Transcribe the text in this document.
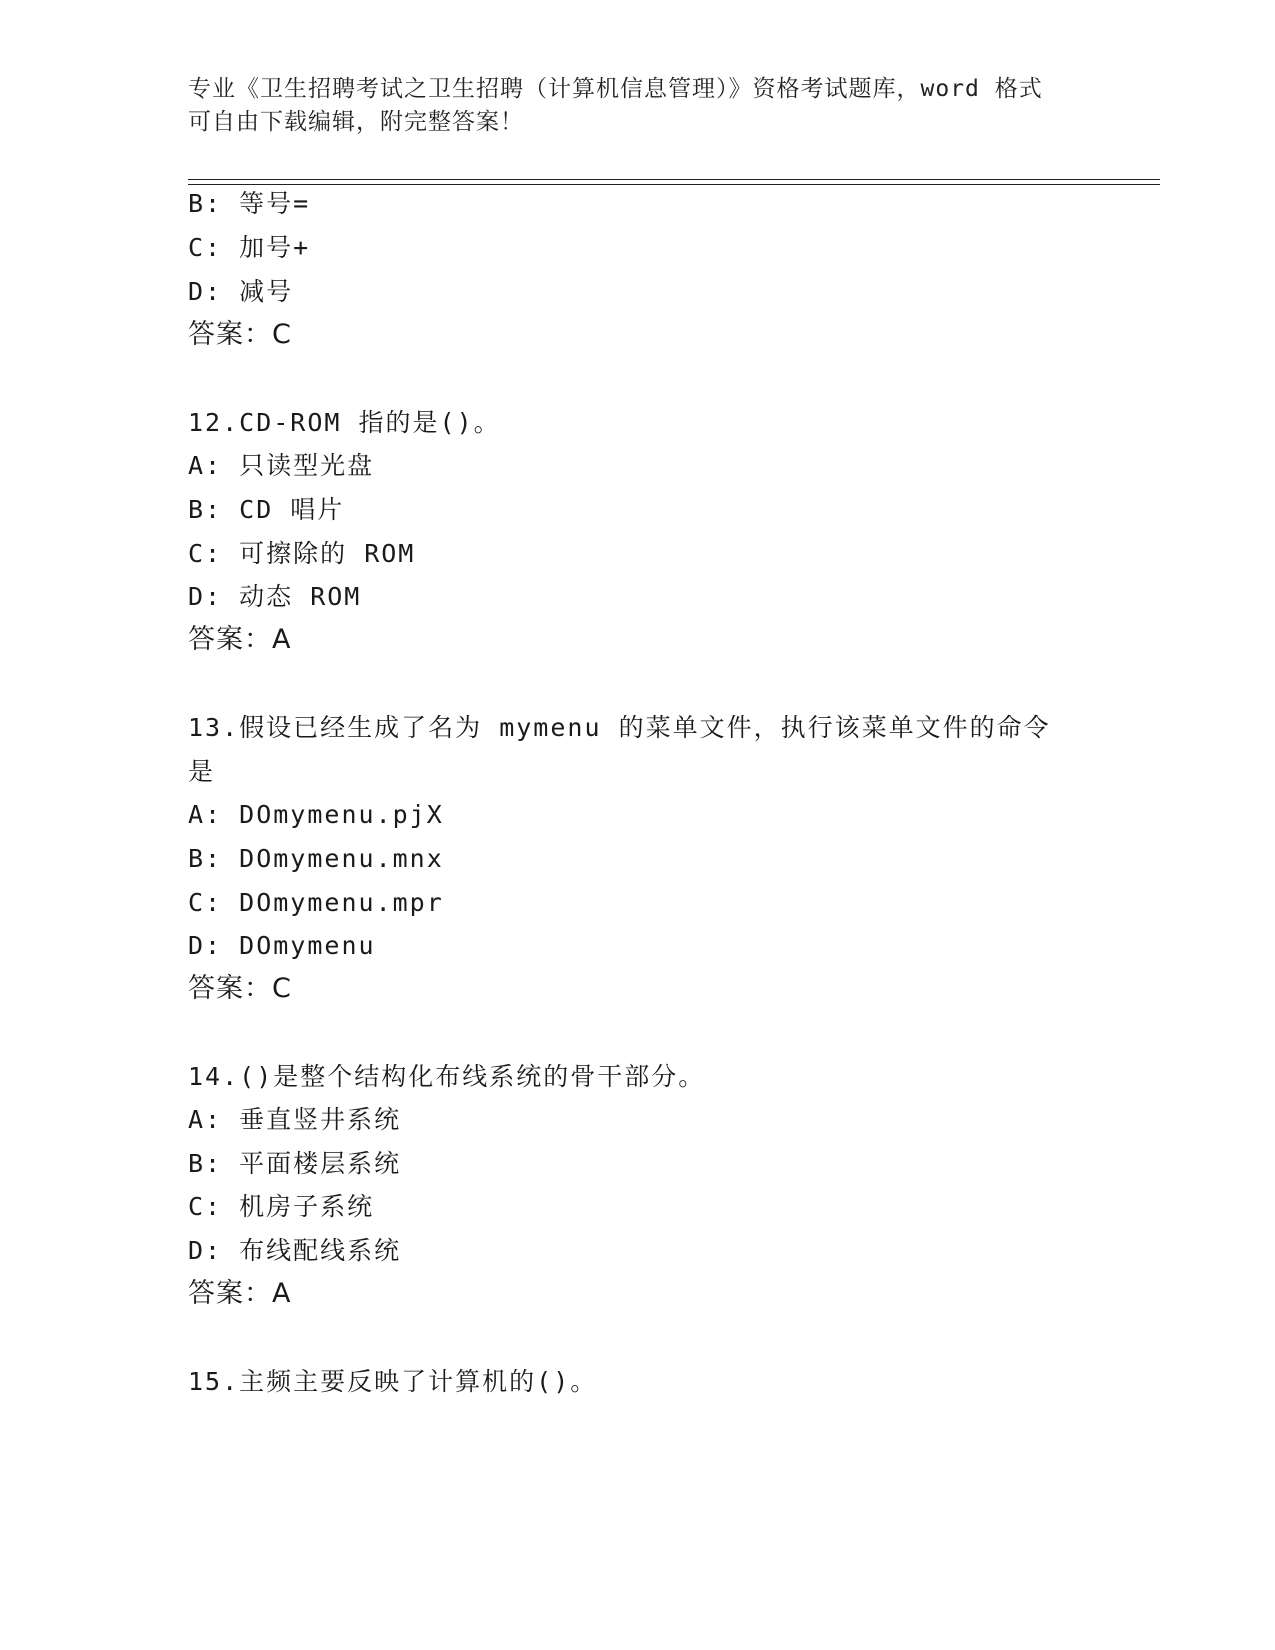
专业《卫生招聘考试之卫生招聘（计算机信息管理）》资格考试题库，word 格式
可自由下载编辑，附完整答案！
B: 等号=
C: 加号+
D: 减号
答案：C
12.CD-ROM 指的是()。
A: 只读型光盘
B: CD 唱片
C: 可擦除的 ROM
D: 动态 ROM
答案：A
13.假设已经生成了名为 mymenu 的菜单文件，执行该菜单文件的命令
是
A: DOmymenu.pjX
B: DOmymenu.mnx
C: DOmymenu.mpr
D: DOmymenu
答案：C
14.()是整个结构化布线系统的骨干部分。
A: 垂直竖井系统
B: 平面楼层系统
C: 机房子系统
D: 布线配线系统
答案：A
15.主频主要反映了计算机的()。
